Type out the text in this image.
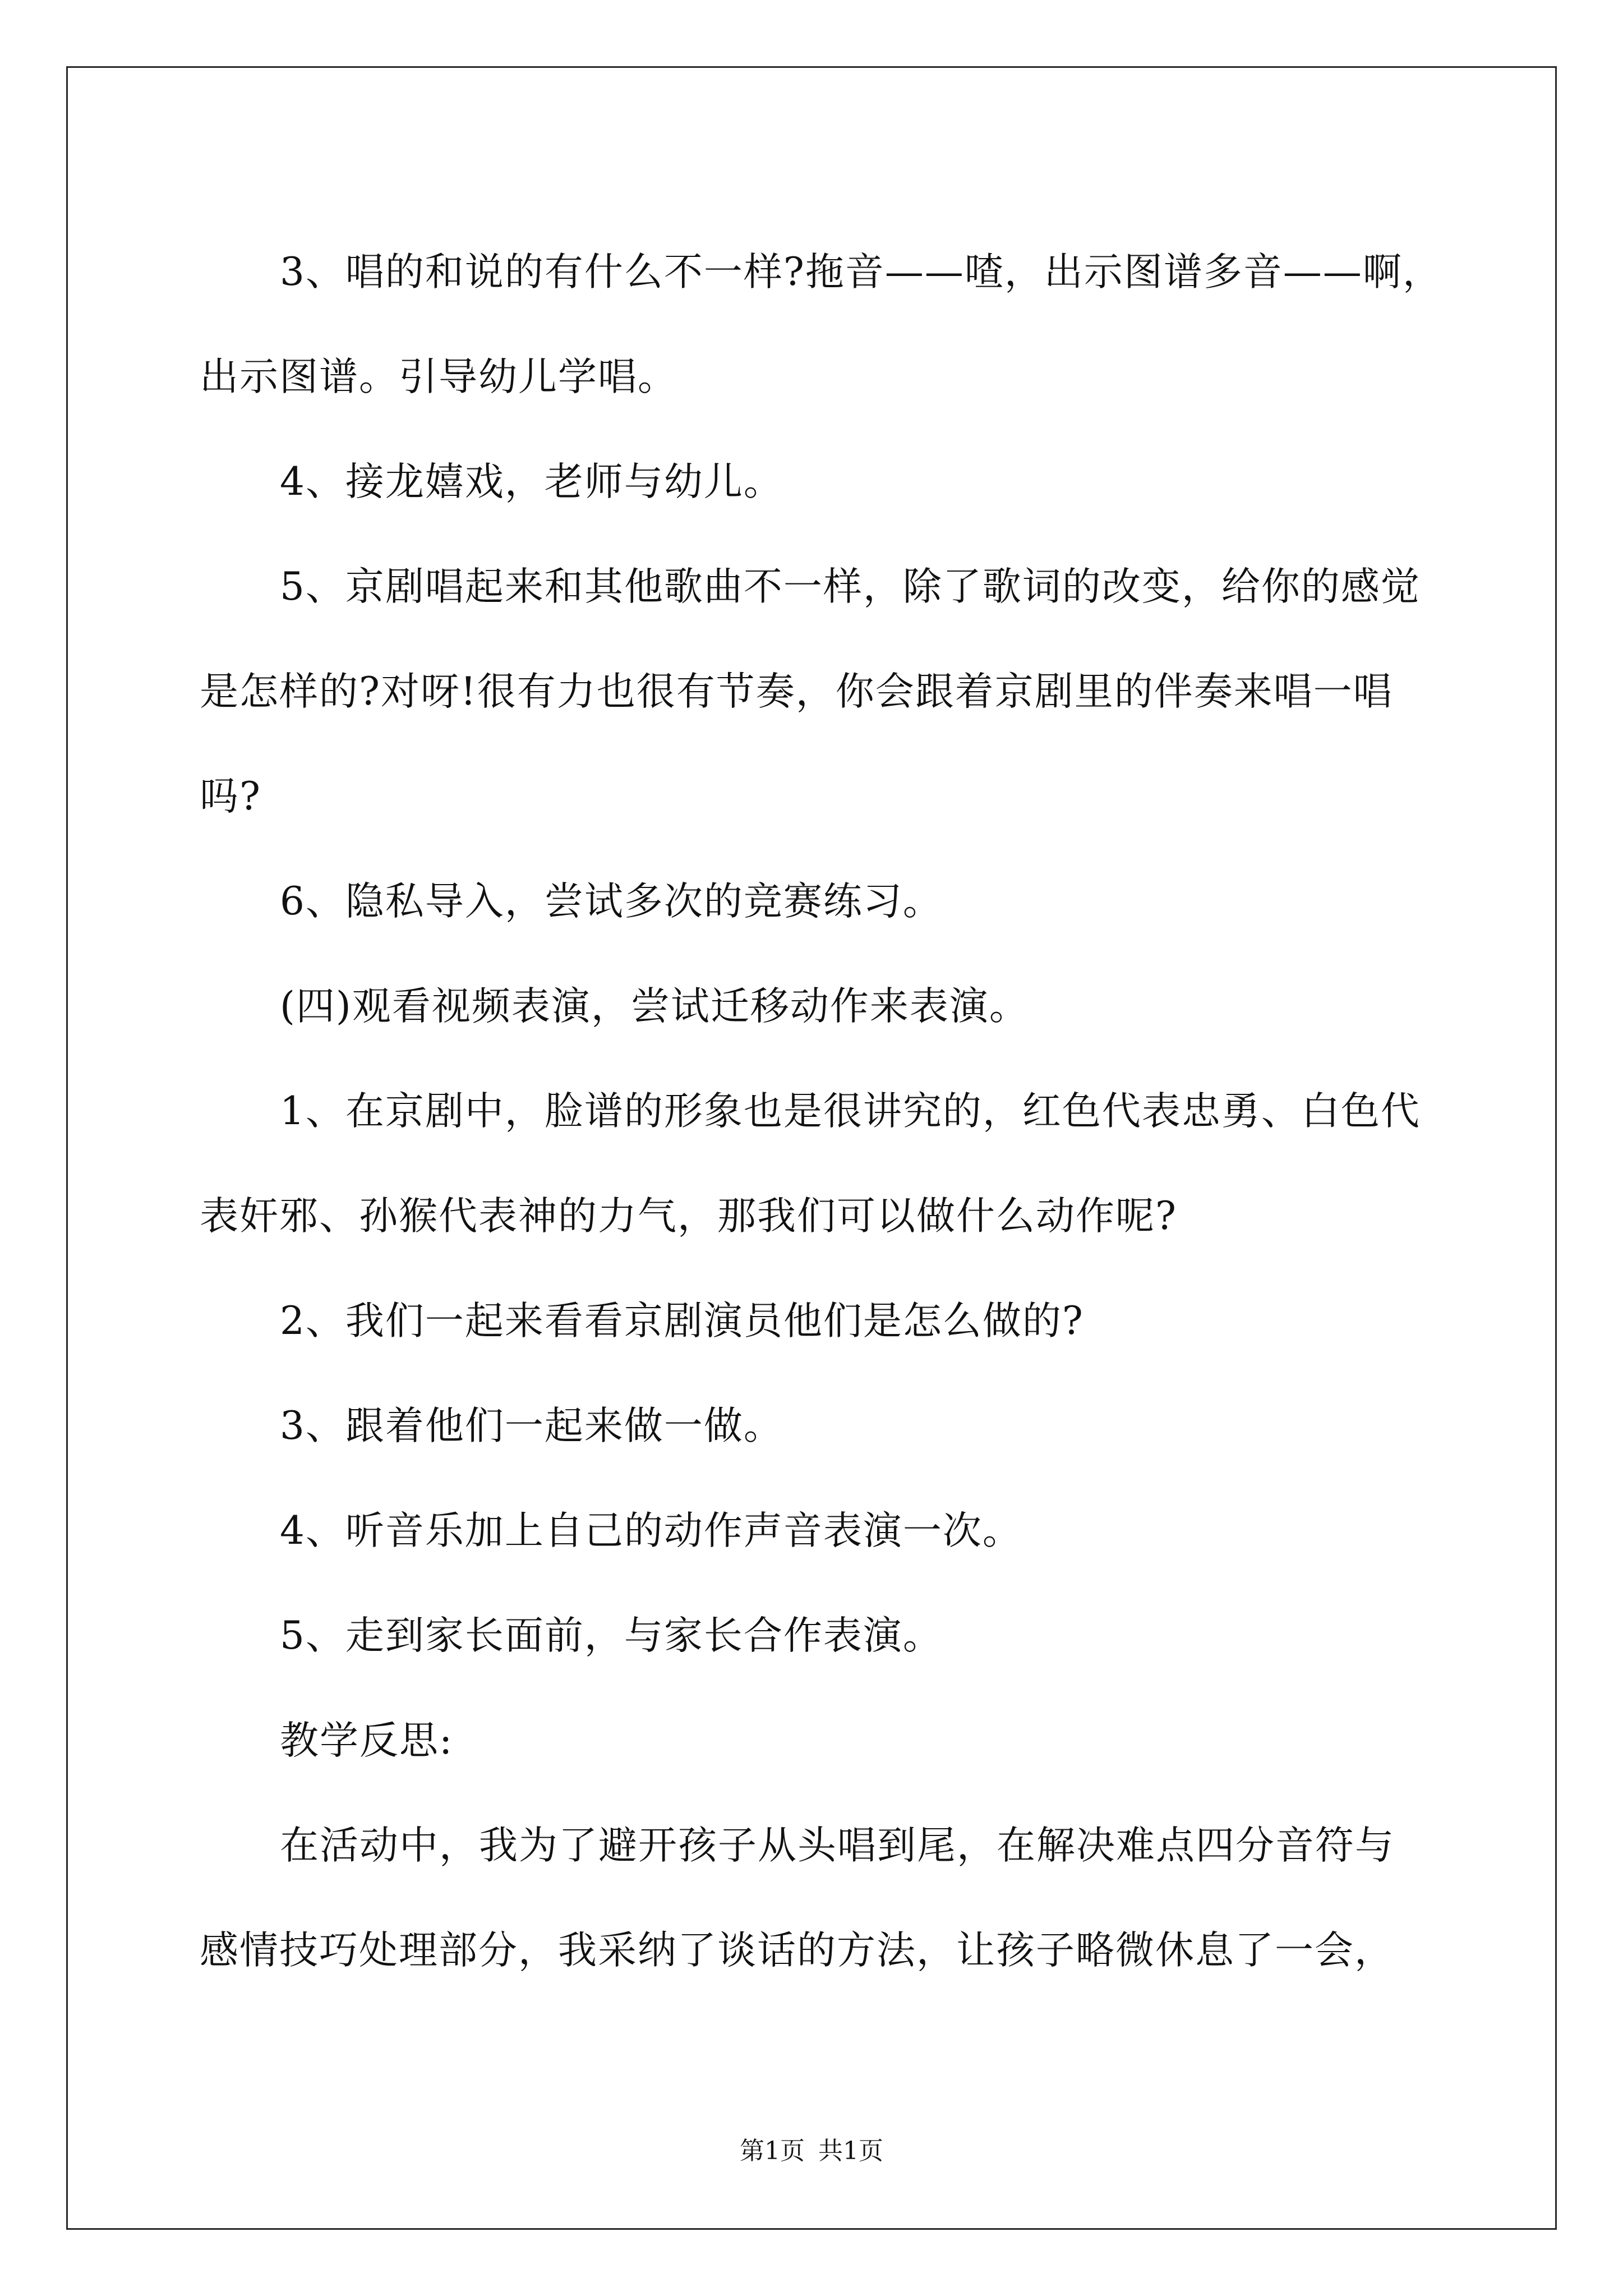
3、唱的和说的有什么不一样?拖音——喳，出示图谱多音——啊，

出示图谱。引导幼儿学唱。

4、接龙嬉戏，老师与幼儿。

5、京剧唱起来和其他歌曲不一样，除了歌词的改变，给你的感觉

是怎样的?对呀!很有力也很有节奏，你会跟着京剧里的伴奏来唱一唱

吗?

6、隐私导入，尝试多次的竞赛练习。

(四)观看视频表演，尝试迁移动作来表演。

1、在京剧中，脸谱的形象也是很讲究的，红色代表忠勇、白色代

表奸邪、孙猴代表神的力气，那我们可以做什么动作呢?

2、我们一起来看看京剧演员他们是怎么做的?

3、跟着他们一起来做一做。

4、听音乐加上自己的动作声音表演一次。

5、走到家长面前，与家长合作表演。

教学反思:

在活动中，我为了避开孩子从头唱到尾，在解决难点四分音符与

感情技巧处理部分，我采纳了谈话的方法，让孩子略微休息了一会，

第1页 共1页
